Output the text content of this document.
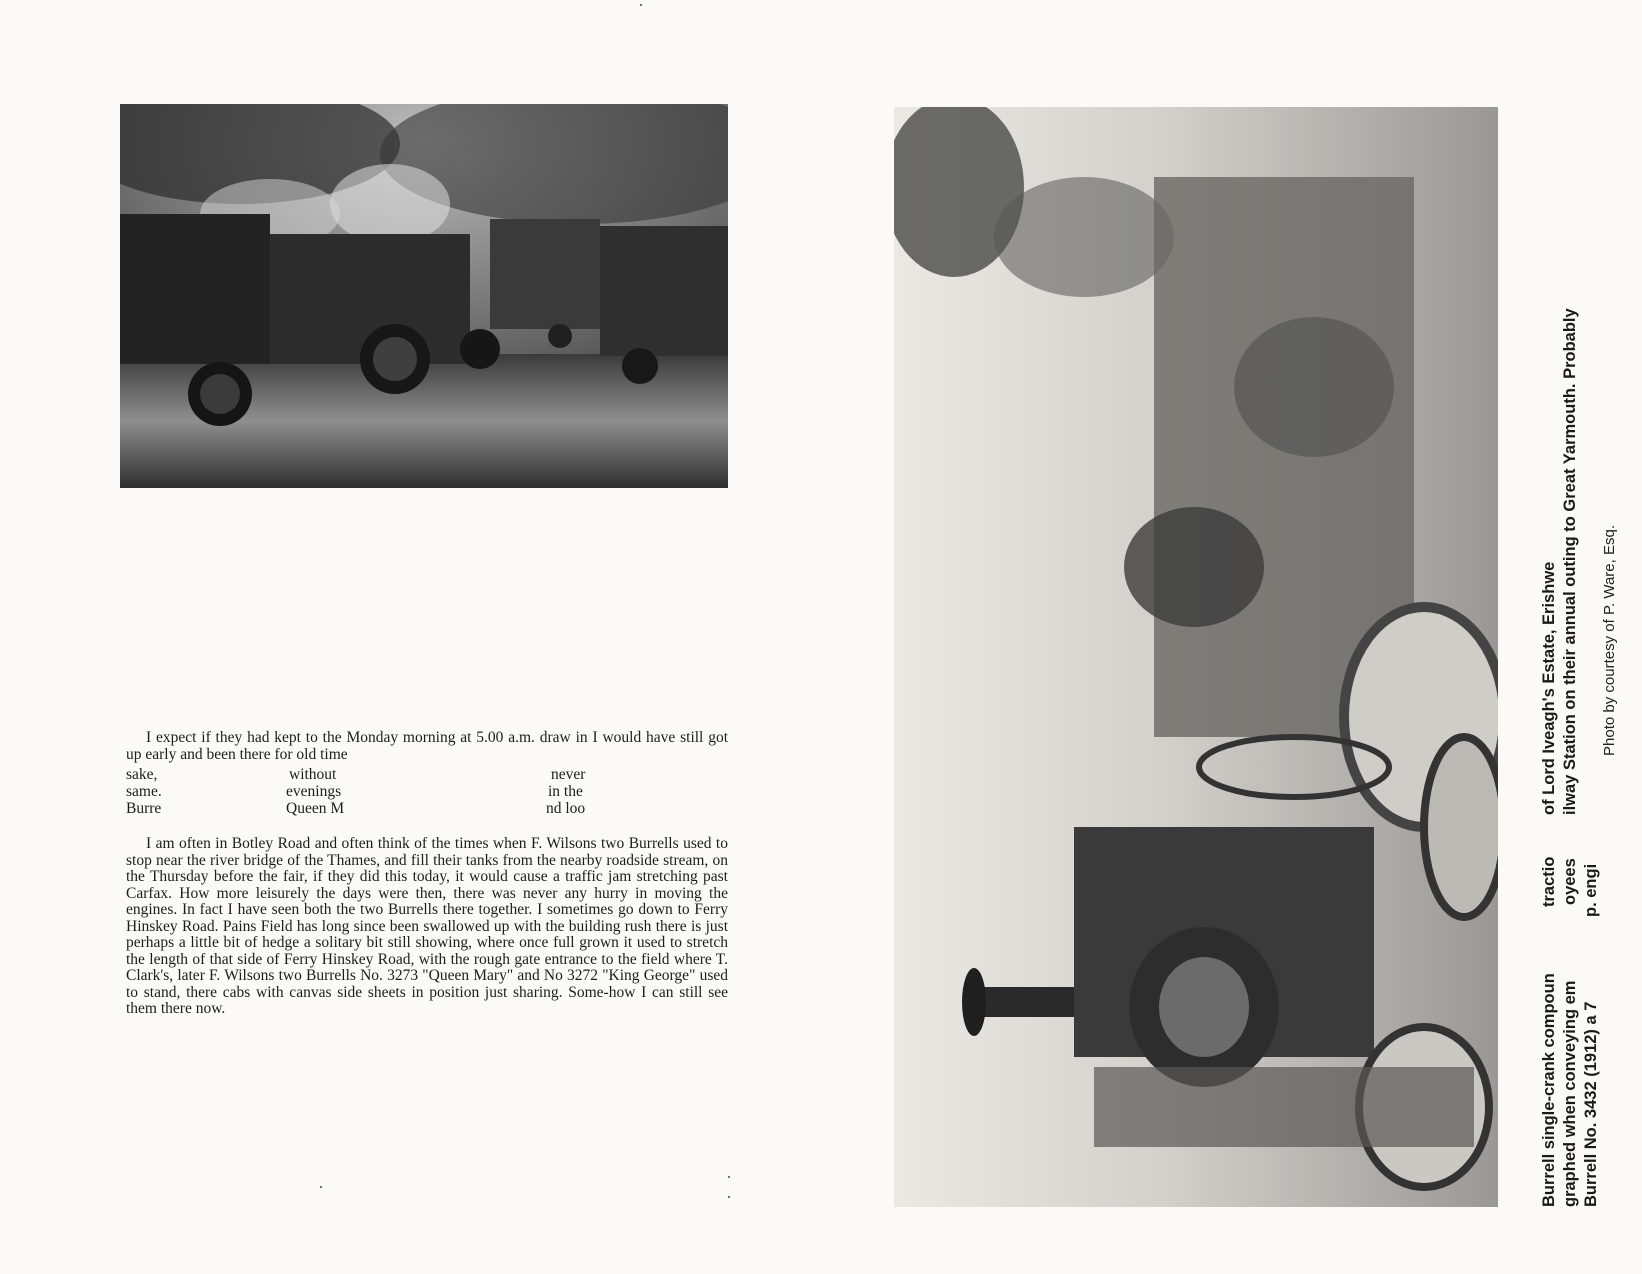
I expect if they had kept to the Monday morning at 5.00 a.m. draw in I would have still got up early and been there for old time

sake,	without	never
same.	evenings	in the
Burre	Queen M	nd loo

I am often in Botley Road and often think of the times when F. Wilsons two Burrells used to stop near the river bridge of the Thames, and fill their tanks from the nearby roadside stream, on the Thursday before the fair, if they did this today, it would cause a traffic jam stretching past Carfax. How more leisurely the days were then, there was never any hurry in moving the engines. In fact I have seen both the two Burrells there together. I sometimes go down to Ferry Hinskey Road. Pains Field has long since been swallowed up with the building rush there is just perhaps a little bit of hedge a solitary bit still showing, where once full grown it used to stretch the length of that side of Ferry Hinskey Road, with the rough gate entrance to the field where T. Clark's, later F. Wilsons two Burrells No. 3273 "Queen Mary" and No 3272 "King George" used to stand, there cabs with canvas side sheets in position just sharing. Some-how I can still see them there now.	Burrell single-crank compoun
tractio
of Lord Iveagh's Estate, Erishwe
graphed when conveying em
oyees
ilway Station on their annual outing to Great Yarmouth. Probably
Burrell No. 3432 (1912) a 7
p. engi
Photo by courtesy of P. Ware, Esq.
